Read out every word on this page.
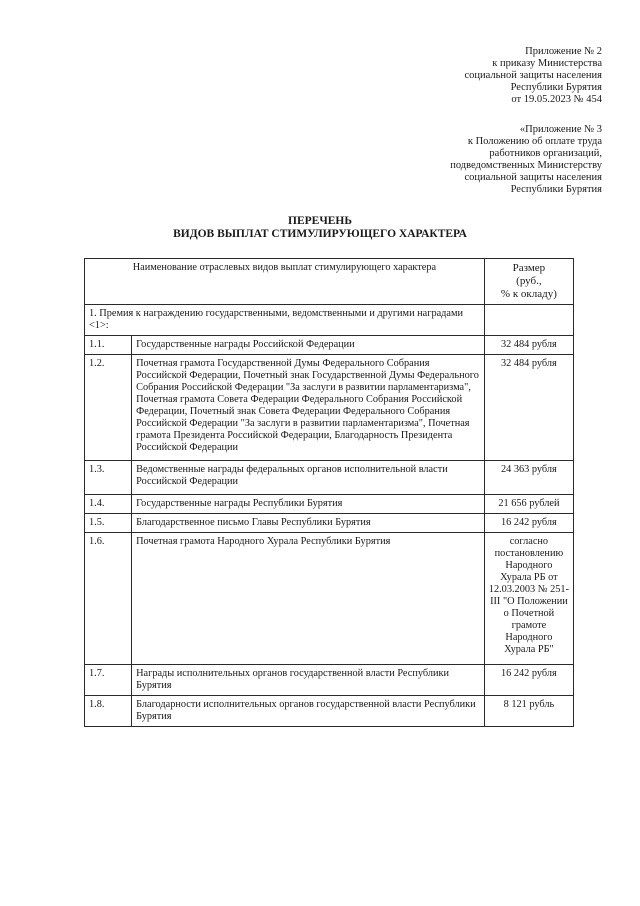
Приложение № 2
к приказу Министерства
социальной защиты населения
Республики Бурятия
от 19.05.2023 № 454
«Приложение № 3
к Положению об оплате труда
работников организаций,
подведомственных Министерству
социальной защиты населения
Республики Бурятия
ПЕРЕЧЕНЬ
ВИДОВ ВЫПЛАТ СТИМУЛИРУЮЩЕГО ХАРАКТЕРА
Наименование отраслевых видов выплат стимулирующего характера		Размер
(руб.,
% к окладу)

1. Премия к награждению государственными, ведомственными и другими наградами <1>:		
1.1.	Государственные награды Российской Федерации	32 484 рубля
1.2.	Почетная грамота Государственной Думы Федерального Собрания Российской Федерации, Почетный знак Государственной Думы Федерального Собрания Российской Федерации "За заслуги в развитии парламентаризма", Почетная грамота Совета Федерации Федерального Собрания Российской Федерации, Почетный знак Совета Федерации Федерального Собрания Российской Федерации "За заслуги в развитии парламентаризма", Почетная грамота Президента Российской Федерации, Благодарность Президента Российской Федерации	32 484 рубля
1.3.	Ведомственные награды федеральных органов исполнительной власти Российской Федерации	24 363 рубля
1.4.	Государственные награды Республики Бурятия	21 656 рублей
1.5.	Благодарственное письмо Главы Республики Бурятия	16 242 рубля
1.6.	Почетная грамота Народного Хурала Республики Бурятия	согласно постановлению Народного Хурала РБ от 12.03.2003 № 251-III "О Положении о Почетной грамоте Народного Хурала РБ"
1.7.	Награды исполнительных органов государственной власти Республики Бурятия	16 242 рубля
1.8.	Благодарности исполнительных органов государственной власти Республики Бурятия	8 121 рубль
